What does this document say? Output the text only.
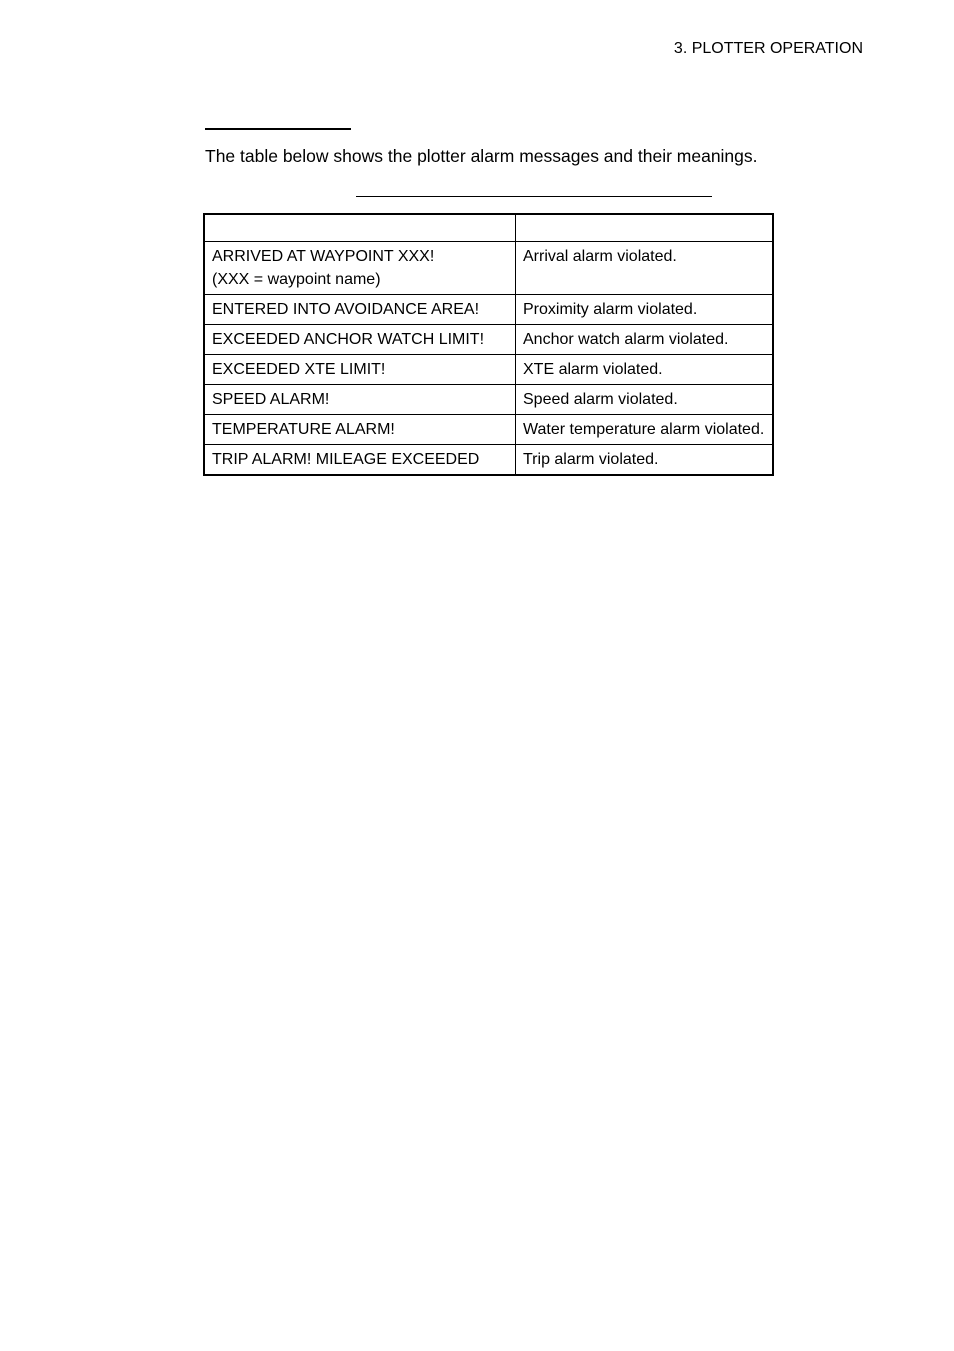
3. PLOTTER OPERATION
The table below shows the plotter alarm messages and their meanings.

ARRIVED AT WAYPOINT XXX!
(XXX = waypoint name)	Arrival alarm violated.
ENTERED INTO AVOIDANCE AREA!	Proximity alarm violated.
EXCEEDED ANCHOR WATCH LIMIT!	Anchor watch alarm violated.
EXCEEDED XTE LIMIT!	XTE alarm violated.
SPEED ALARM!	Speed alarm violated.
TEMPERATURE ALARM!	Water temperature alarm violated.
TRIP ALARM! MILEAGE EXCEEDED	Trip alarm violated.
